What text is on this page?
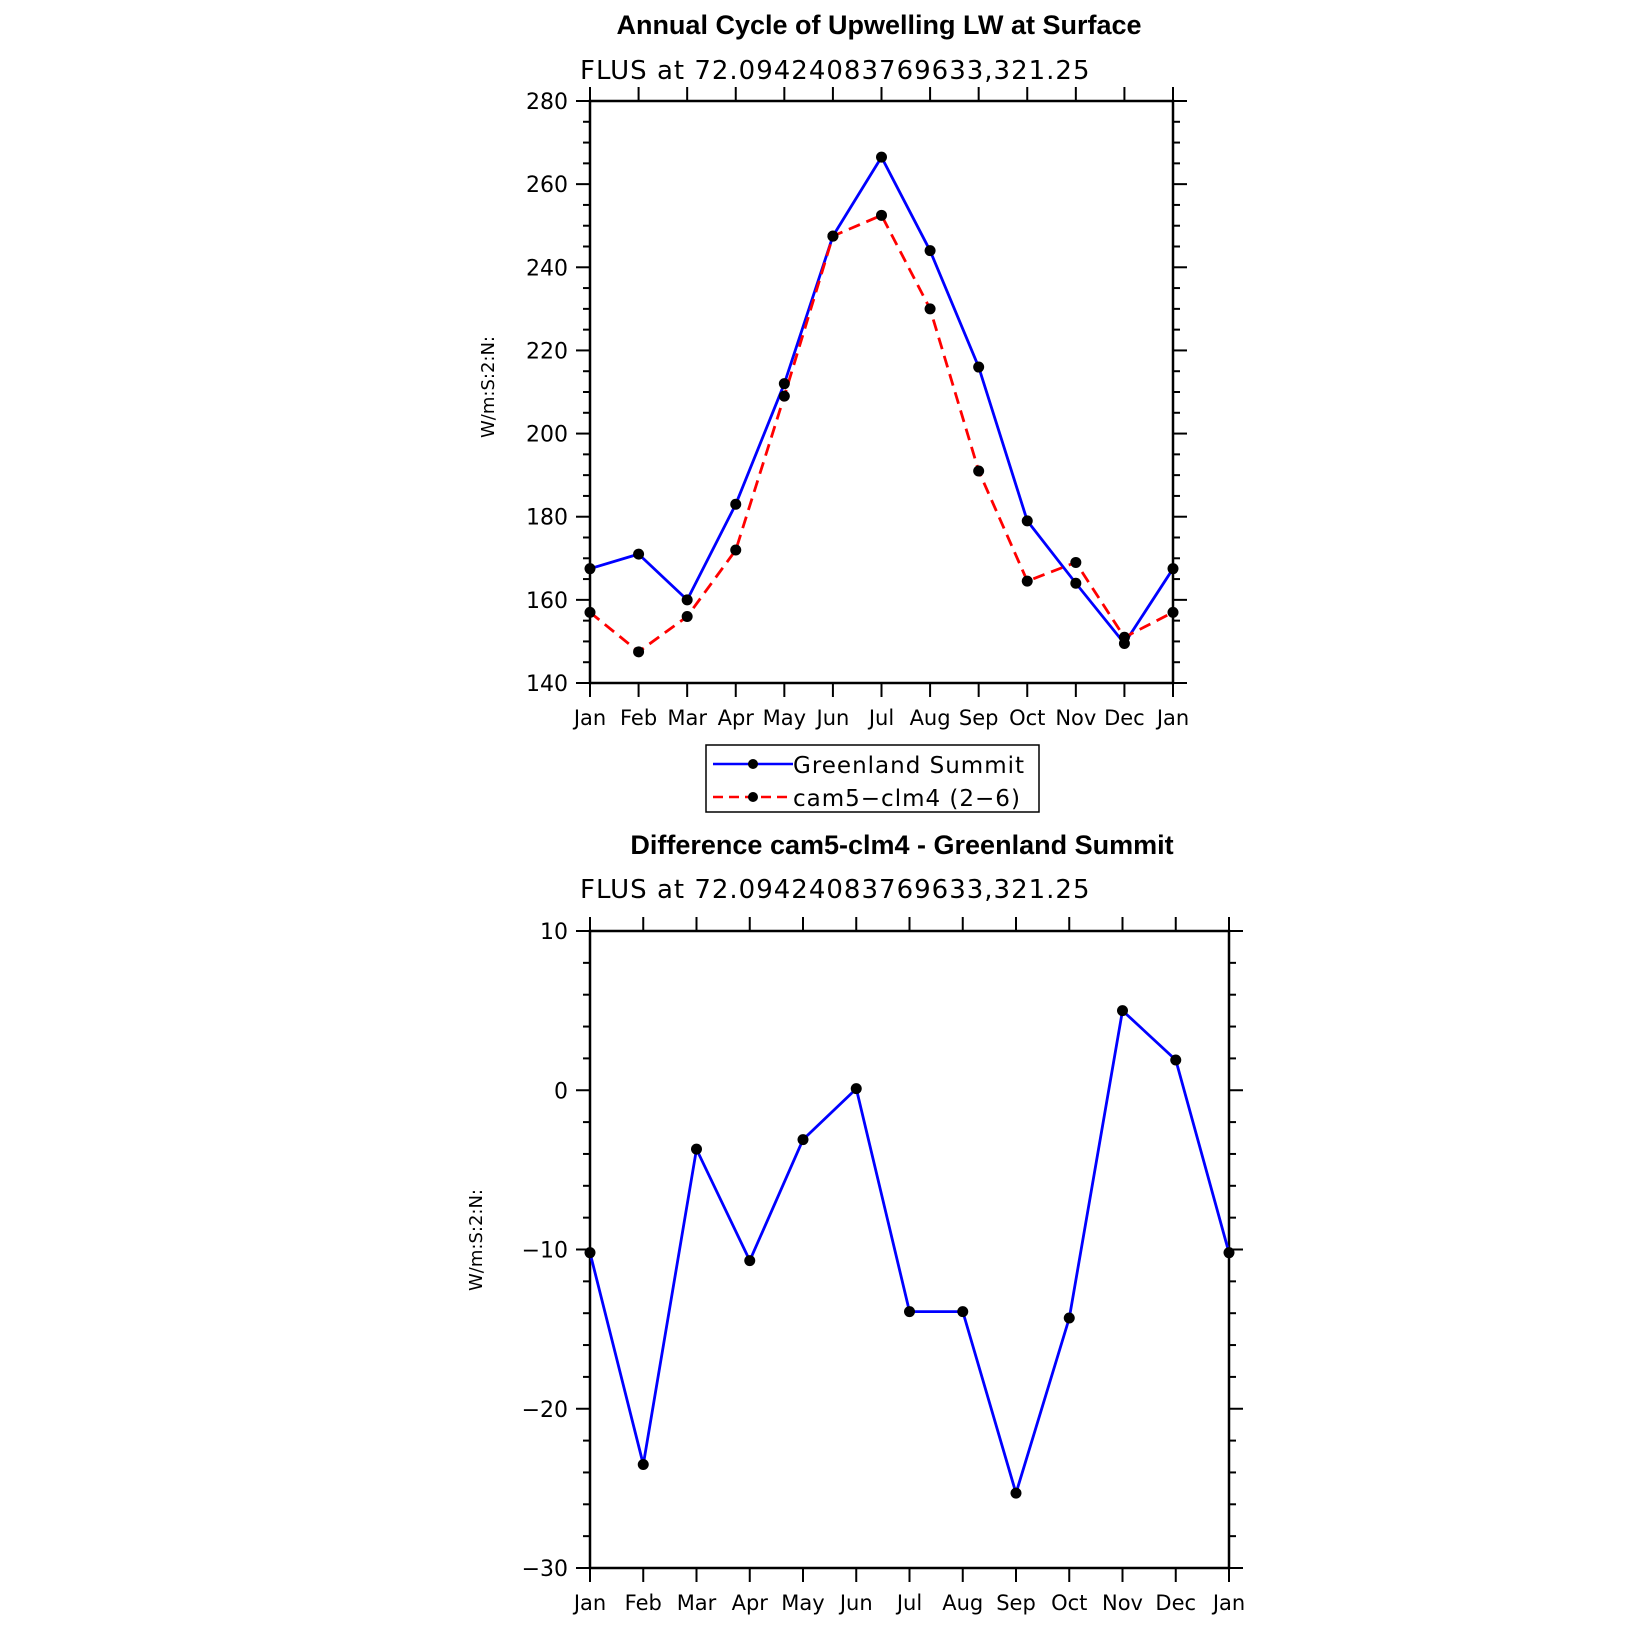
Annual Cycle of Upwelling LW at Surface
FLUS at 72.09424083769633,321.25
W/m:S:2:N:
140
160
180
200
220
240
260
280
Jan Feb Mar Apr May Jun Jul Aug Sep Oct Nov Dec Jan
Greenland Summit
cam5−clm4 (2−6)
Difference cam5-clm4 - Greenland Summit
FLUS at 72.09424083769633,321.25
W/m:S:2:N:
−30
−20
−10
0
10
Jan Feb Mar Apr May Jun Jul Aug Sep Oct Nov Dec Jan
